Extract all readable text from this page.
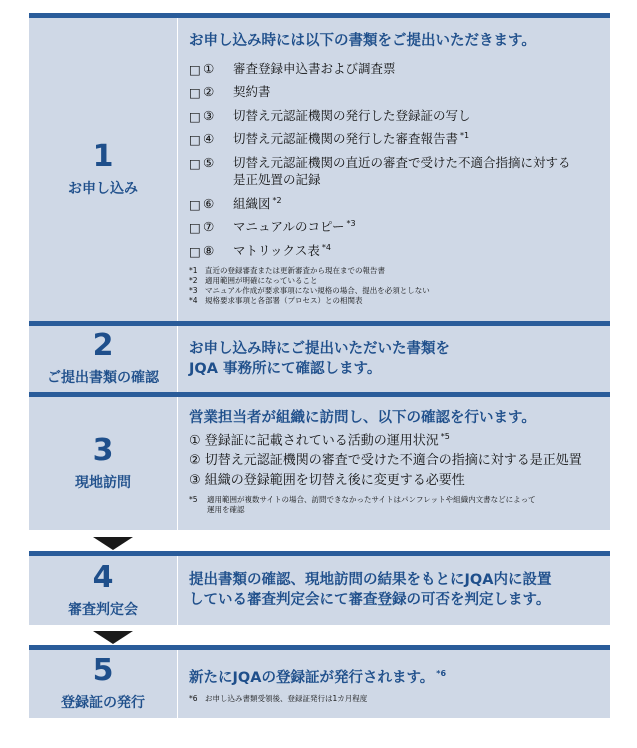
1
お申し込み
お申し込み時には以下の書類をご提出いただきます。
□ ① 審査登録申込書および調査票
□ ② 契約書
□ ③ 切替え元認証機関の発行した登録証の写し
□ ④ 切替え元認証機関の発行した審査報告書 $^{*1}$
□ ⑤ 切替え元認証機関の直近の審査で受けた不適合指摘に対する
是正処置の記録
□ ⑥ 組織図 $^{*2}$
□ ⑦ マニュアルのコピー $^{*3}$
□ ⑧ マトリックス表 $^{*4}$
*1　直近の登録審査または更新審査から現在までの報告書
*2　適用範囲が明確になっていること
*3　マニュアル作成が要求事項にない規格の場合、提出を必須としない
*4　規格要求事項と各部署（プロセス）との相関表
2
ご提出書類の確認
お申し込み時にご提出いただいた書類を
JQA 事務所にて確認します。
3
現地訪問
営業担当者が組織に訪問し、以下の確認を行います。
① 登録証に記載されている活動の運用状況 $^{*5}$
② 切替え元認証機関の審査で受けた不適合の指摘に対する是正処置
③ 組織の登録範囲を切替え後に変更する必要性
*5 適用範囲が複数サイトの場合、訪問できなかったサイトはパンフレットや組織内文書などによって
運用を確認
4
審査判定会
提出書類の確認、現地訪問の結果をもとにJQA内に設置
している審査判定会にて審査登録の可否を判定します。
5
登録証の発行
新たにJQAの登録証が発行されます。 $^{*6}$
*6　お申し込み書類受領後、登録証発行は1カ月程度
